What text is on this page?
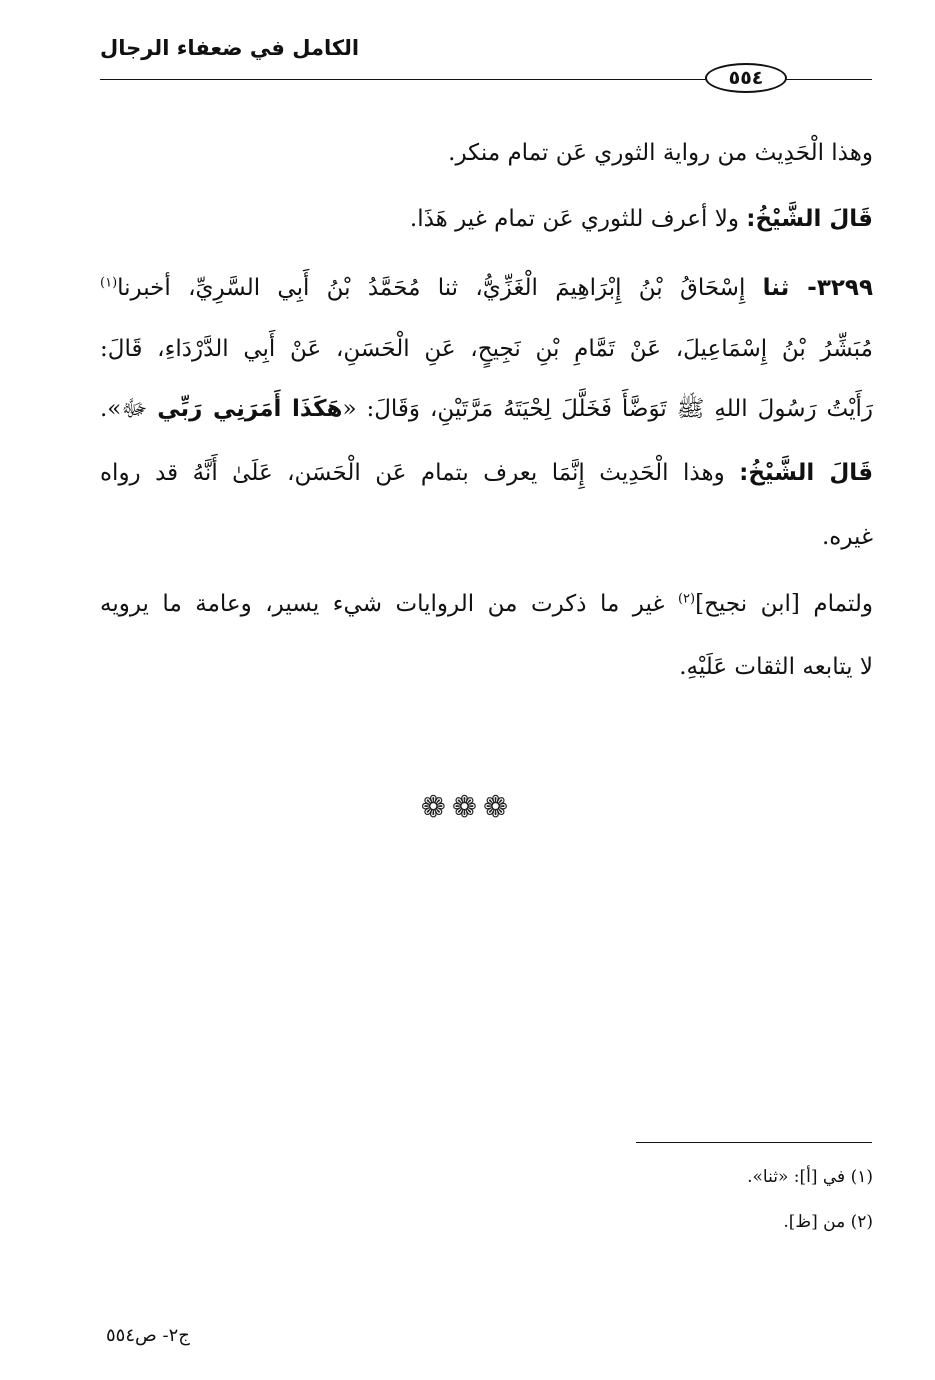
الكامل في ضعفاء الرجال
٥٥٤
وهذا الْحَدِيث من رواية الثوري عَن تمام منكر.
قَالَ الشَّيْخُ: ولا أعرف للثوري عَن تمام غير هَذَا.
٣٢٩٩- ثنا إِسْحَاقُ بْنُ إِبْرَاهِيمَ الْغَزِّيُّ، ثنا مُحَمَّدُ بْنُ أَبِي السَّرِيِّ، أخبرنا$^{(١)}$
مُبَشِّرُ بْنُ إِسْمَاعِيلَ، عَنْ تَمَّامِ بْنِ نَجِيحٍ، عَنِ الْحَسَنِ، عَنْ أَبِي الدَّرْدَاءِ، قَالَ:
رَأَيْتُ رَسُولَ اللهِ ﷺ تَوَضَّأَ فَخَلَّلَ لِحْيَتَهُ مَرَّتَيْنِ، وَقَالَ: «هَكَذَا أَمَرَنِي رَبِّي ﷻ».
قَالَ الشَّيْخُ: وهذا الْحَدِيث إِنَّمَا يعرف بتمام عَن الْحَسَن، عَلَىٰ أَنَّهُ قد رواه
غيره.
ولتمام [ابن نجيح]$^{(٢)}$ غير ما ذكرت من الروايات شيء يسير، وعامة ما يرويه
لا يتابعه الثقات عَلَيْهِ.
❁❁❁
(١) في [أ]: «ثنا».
(٢) من [ظ].
ج٢- ص٥٥٤
